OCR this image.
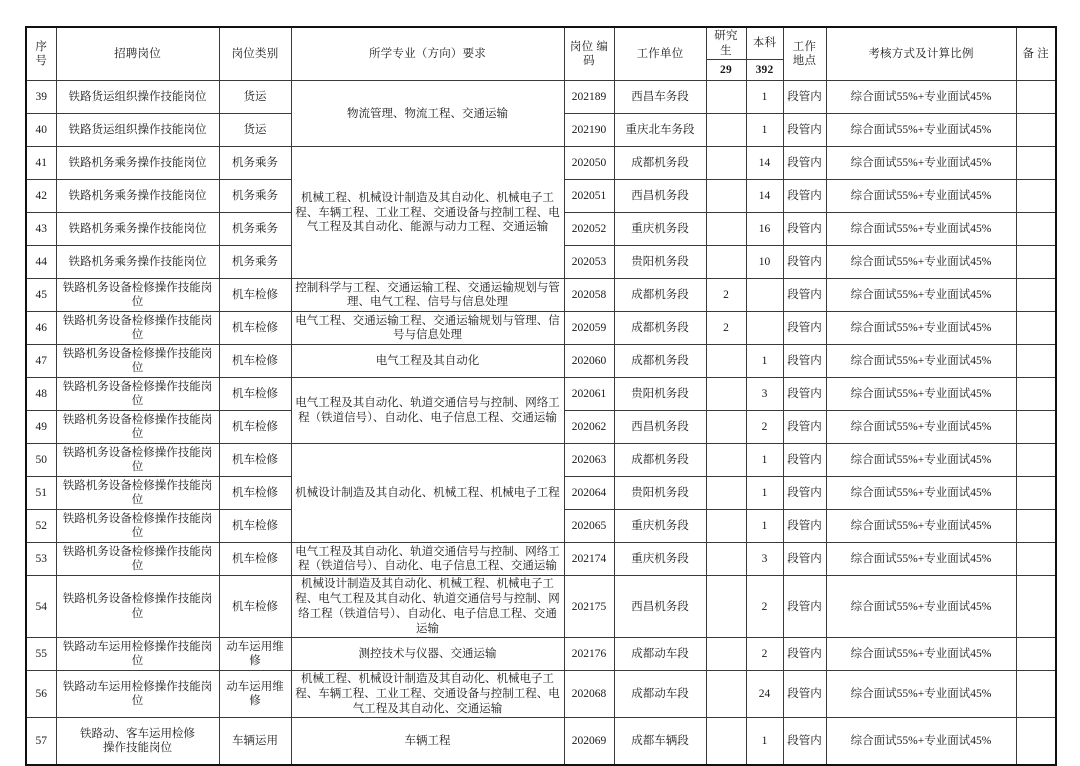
序 号	招聘岗位	岗位类别	所学专业（方向）要求	岗位 编码	工作单位	研究生	本科	工作 地点	考核方式及计算比例	备 注
						29	392			
39	铁路货运组织操作技能岗位	货运	物流管理、物流工程、交通运输	202189	西昌车务段		1	段管内	综合面试55%+专业面试45%	
40	铁路货运组织操作技能岗位	货运		202190	重庆北车务段		1	段管内	综合面试55%+专业面试45%	
41	铁路机务乘务操作技能岗位	机务乘务	机械工程、机械设计制造及其自动化、机械电子工程、车辆工程、工业工程、交通设备与控制工程、电气工程及其自动化、能源与动力工程、交通运输	202050	成都机务段		14	段管内	综合面试55%+专业面试45%	
42	铁路机务乘务操作技能岗位	机务乘务		202051	西昌机务段		14	段管内	综合面试55%+专业面试45%	
43	铁路机务乘务操作技能岗位	机务乘务		202052	重庆机务段		16	段管内	综合面试55%+专业面试45%	
44	铁路机务乘务操作技能岗位	机务乘务		202053	贵阳机务段		10	段管内	综合面试55%+专业面试45%	
45	铁路机务设备检修操作技能岗位	机车检修	控制科学与工程、交通运输工程、交通运输规划与管理、电气工程、信号与信息处理	202058	成都机务段	2		段管内	综合面试55%+专业面试45%	
46	铁路机务设备检修操作技能岗位	机车检修	电气工程、交通运输工程、交通运输规划与管理、信号与信息处理	202059	成都机务段	2		段管内	综合面试55%+专业面试45%	
47	铁路机务设备检修操作技能岗位	机车检修	电气工程及其自动化	202060	成都机务段		1	段管内	综合面试55%+专业面试45%	
48	铁路机务设备检修操作技能岗位	机车检修	电气工程及其自动化、轨道交通信号与控制、网络工程（铁道信号）、自动化、电子信息工程、交通运输	202061	贵阳机务段		3	段管内	综合面试55%+专业面试45%	
49	铁路机务设备检修操作技能岗位	机车检修		202062	西昌机务段		2	段管内	综合面试55%+专业面试45%	
50	铁路机务设备检修操作技能岗位	机车检修	机械设计制造及其自动化、机械工程、机械电子工程	202063	成都机务段		1	段管内	综合面试55%+专业面试45%	
51	铁路机务设备检修操作技能岗位	机车检修		202064	贵阳机务段		1	段管内	综合面试55%+专业面试45%	
52	铁路机务设备检修操作技能岗位	机车检修		202065	重庆机务段		1	段管内	综合面试55%+专业面试45%	
53	铁路机务设备检修操作技能岗位	机车检修	电气工程及其自动化、轨道交通信号与控制、网络工程（铁道信号）、自动化、电子信息工程、交通运输	202174	重庆机务段		3	段管内	综合面试55%+专业面试45%	
54	铁路机务设备检修操作技能岗位	机车检修	机械设计制造及其自动化、机械工程、机械电子工程、电气工程及其自动化、轨道交通信号与控制、网络工程（铁道信号）、自动化、电子信息工程、交通运输	202175	西昌机务段		2	段管内	综合面试55%+专业面试45%	
55	铁路动车运用检修操作技能岗位	动车运用维修	测控技术与仪器、交通运输	202176	成都动车段		2	段管内	综合面试55%+专业面试45%	
56	铁路动车运用检修操作技能岗位	动车运用维修	机械工程、机械设计制造及其自动化、机械电子工程、车辆工程、工业工程、交通设备与控制工程、电气工程及其自动化、交通运输	202068	成都动车段		24	段管内	综合面试55%+专业面试45%	
57	铁路动、客车运用检修
操作技能岗位	车辆运用	车辆工程	202069	成都车辆段		1	段管内	综合面试55%+专业面试45%	
